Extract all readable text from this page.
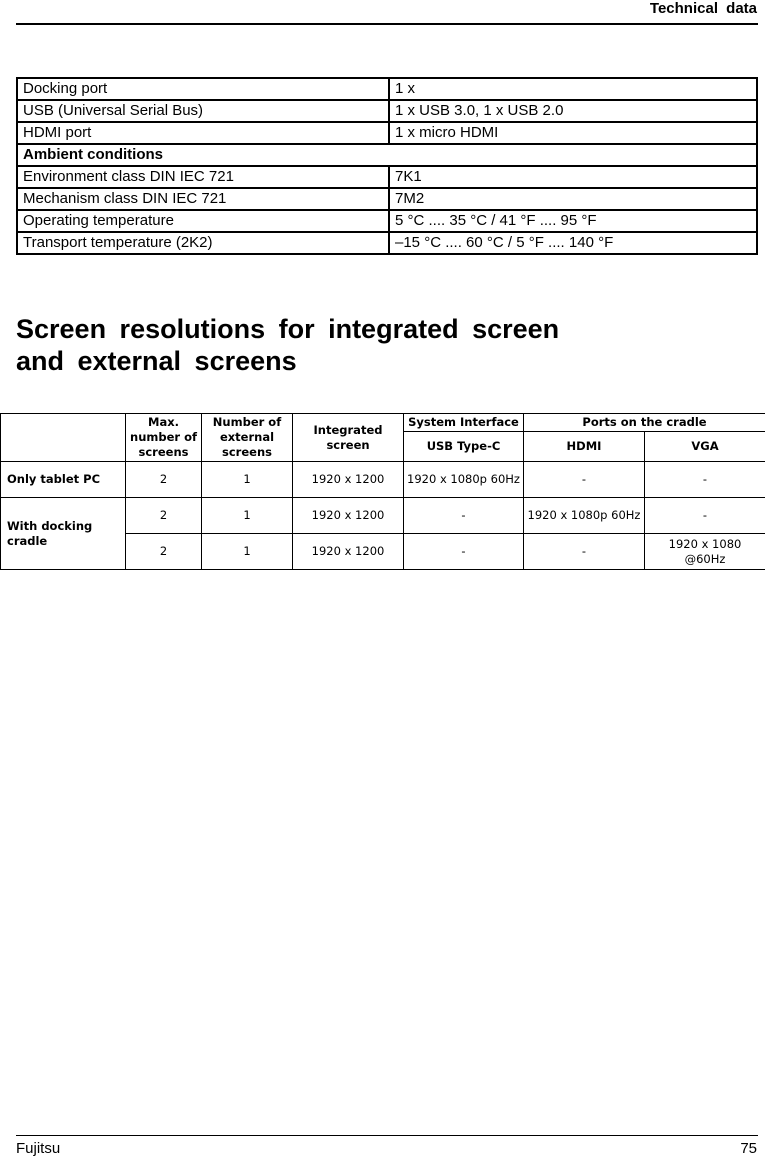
Technical data
Docking port	1 x
USB (Universal Serial Bus)	1 x USB 3.0, 1 x USB 2.0
HDMI port	1 x micro HDMI
Ambient conditions	
Environment class DIN IEC 721	7K1
Mechanism class DIN IEC 721	7M2
Operating temperature	5 °C .... 35 °C / 41 °F .... 95 °F
Transport temperature (2K2)	–15 °C .... 60 °C / 5 °F .... 140 °F
Screen resolutions for integrated screen
and external screens
	Max. number of screens	Number of external screens	Integrated screen	System Interface	Ports on the cradle	
				USB Type-C	HDMI	VGA
Only tablet PC	2	1	1920 x 1200	1920 x 1080p 60Hz	-	-
With docking cradle	2	1	1920 x 1200	-	1920 x 1080p 60Hz	-
	2	1	1920 x 1200	-	-	1920 x 1080 @60Hz
Fujitsu	75
